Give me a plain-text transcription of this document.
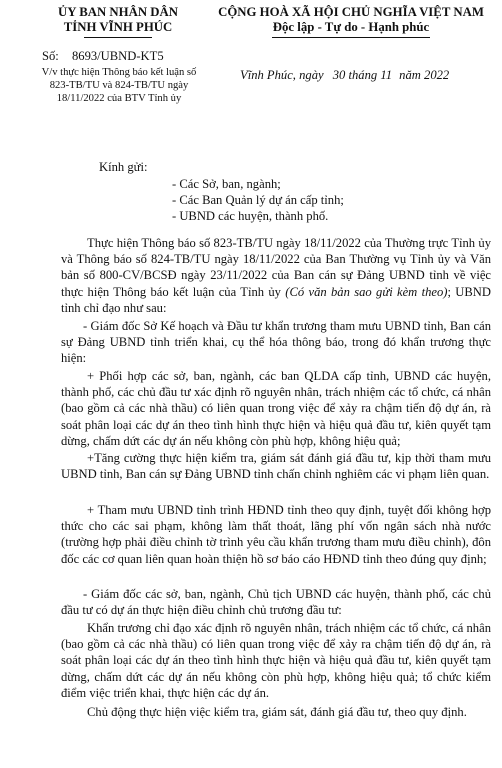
ỦY BAN NHÂN DÂN
TỈNH VĨNH PHÚC
CỘNG HOÀ XÃ HỘI CHỦ NGHĨA VIỆT NAM
Độc lập - Tự do - Hạnh phúc
Số: 8693/UBND-KT5
V/v thực hiện Thông báo kết luận số
823-TB/TU và 824-TB/TU ngày
18/11/2022 của BTV Tỉnh ủy
Vĩnh Phúc, ngày 30 tháng 11 năm 2022
Kính gửi:
- Các Sở, ban, ngành;
- Các Ban Quản lý dự án cấp tỉnh;
- UBND các huyện, thành phố.
Thực hiện Thông báo số 823-TB/TU ngày 18/11/2022 của Thường trực Tỉnh ủy và Thông báo số 824-TB/TU ngày 18/11/2022 của Ban Thường vụ Tỉnh ủy và Văn bản số 800-CV/BCSĐ ngày 23/11/2022 của Ban cán sự Đảng UBND tỉnh về việc thực hiện Thông báo kết luận của Tỉnh ủy (Có văn bản sao gửi kèm theo); UBND tỉnh chỉ đạo như sau:
- Giám đốc Sở Kế hoạch và Đầu tư khẩn trương tham mưu UBND tỉnh, Ban cán sự Đảng UBND tỉnh triển khai, cụ thể hóa thông báo, trong đó khẩn trương thực hiện:
+ Phối hợp các sở, ban, ngành, các ban QLDA cấp tỉnh, UBND các huyện, thành phố, các chủ đầu tư xác định rõ nguyên nhân, trách nhiệm các tổ chức, cá nhân (bao gồm cả các nhà thầu) có liên quan trong việc để xảy ra chậm tiến độ dự án, rà soát phân loại các dự án theo tình hình thực hiện và hiệu quả đầu tư, kiên quyết tạm dừng, chấm dứt các dự án nếu không còn phù hợp, không hiệu quả;
+Tăng cường thực hiện kiểm tra, giám sát đánh giá đầu tư, kịp thời tham mưu UBND tỉnh, Ban cán sự Đảng UBND tỉnh chấn chỉnh nghiêm các vi phạm liên quan.
+ Tham mưu UBND tỉnh trình HĐND tỉnh theo quy định, tuyệt đối không hợp thức cho các sai phạm, không làm thất thoát, lãng phí vốn ngân sách nhà nước (trường hợp phải điều chỉnh tờ trình yêu cầu khẩn trương tham mưu điều chỉnh), đôn đốc các cơ quan liên quan hoàn thiện hồ sơ báo cáo HĐND tỉnh theo đúng quy định;
- Giám đốc các sở, ban, ngành, Chủ tịch UBND các huyện, thành phố, các chủ đầu tư có dự án thực hiện điều chỉnh chủ trương đầu tư:
Khẩn trương chỉ đạo xác định rõ nguyên nhân, trách nhiệm các tổ chức, cá nhân (bao gồm cả các nhà thầu) có liên quan trong việc để xảy ra chậm tiến độ dự án, rà soát phân loại các dự án theo tình hình thực hiện và hiệu quả đầu tư, kiên quyết tạm dừng, chấm dứt các dự án nếu không còn phù hợp, không hiệu quả; tổ chức kiểm điểm việc triển khai, thực hiện các dự án.
Chủ động thực hiện việc kiểm tra, giám sát, đánh giá đầu tư, theo quy định.
